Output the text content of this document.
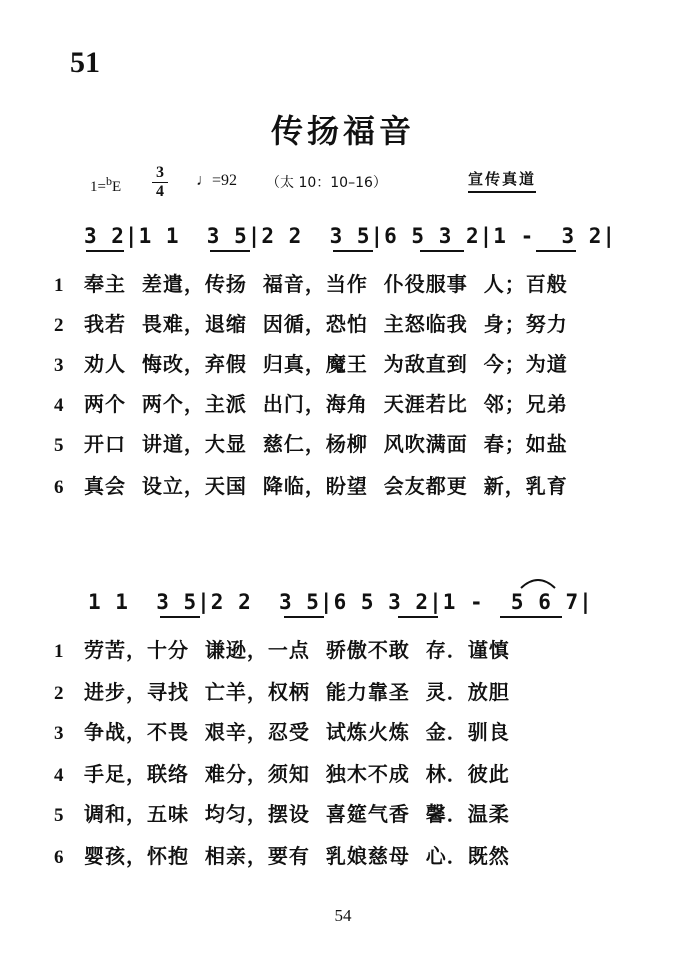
51
传扬福音
$1=^bE \frac{3}{4}$ ♩=92 （太 10：10–16）	宣传真道
3 2|1 1  3 5|2 2  3 5|6 5 3 2|1 -  3 2|
1 奉主  差遣，传扬  福音，当作  仆役服事  人；百般
2 我若  畏难，退缩  因循，恐怕  主怒临我  身；努力
3 劝人  悔改，弃假  归真，魔王  为敌直到  今；为道
4 两个  两个，主派  出门，海角  天涯若比  邻；兄弟
5 开口  讲道，大显  慈仁，杨柳  风吹满面  春；如盐
6 真会  设立，天国  降临，盼望  会友都更  新，乳育
1 1  3 5|2 2  3 5|6 5 3 2|1 -  5 6 7|
1 劳苦，十分  谦逊，一点  骄傲不敢  存．谨慎
2 进步，寻找  亡羊，权柄  能力靠圣  灵．放胆
3 争战，不畏  艰辛，忍受  试炼火炼  金．驯良
4 手足，联络  难分，须知  独木不成  林．彼此
5 调和，五味  均匀，摆设  喜筵气香  馨．温柔
6 婴孩，怀抱  相亲，要有  乳娘慈母  心．既然
54
